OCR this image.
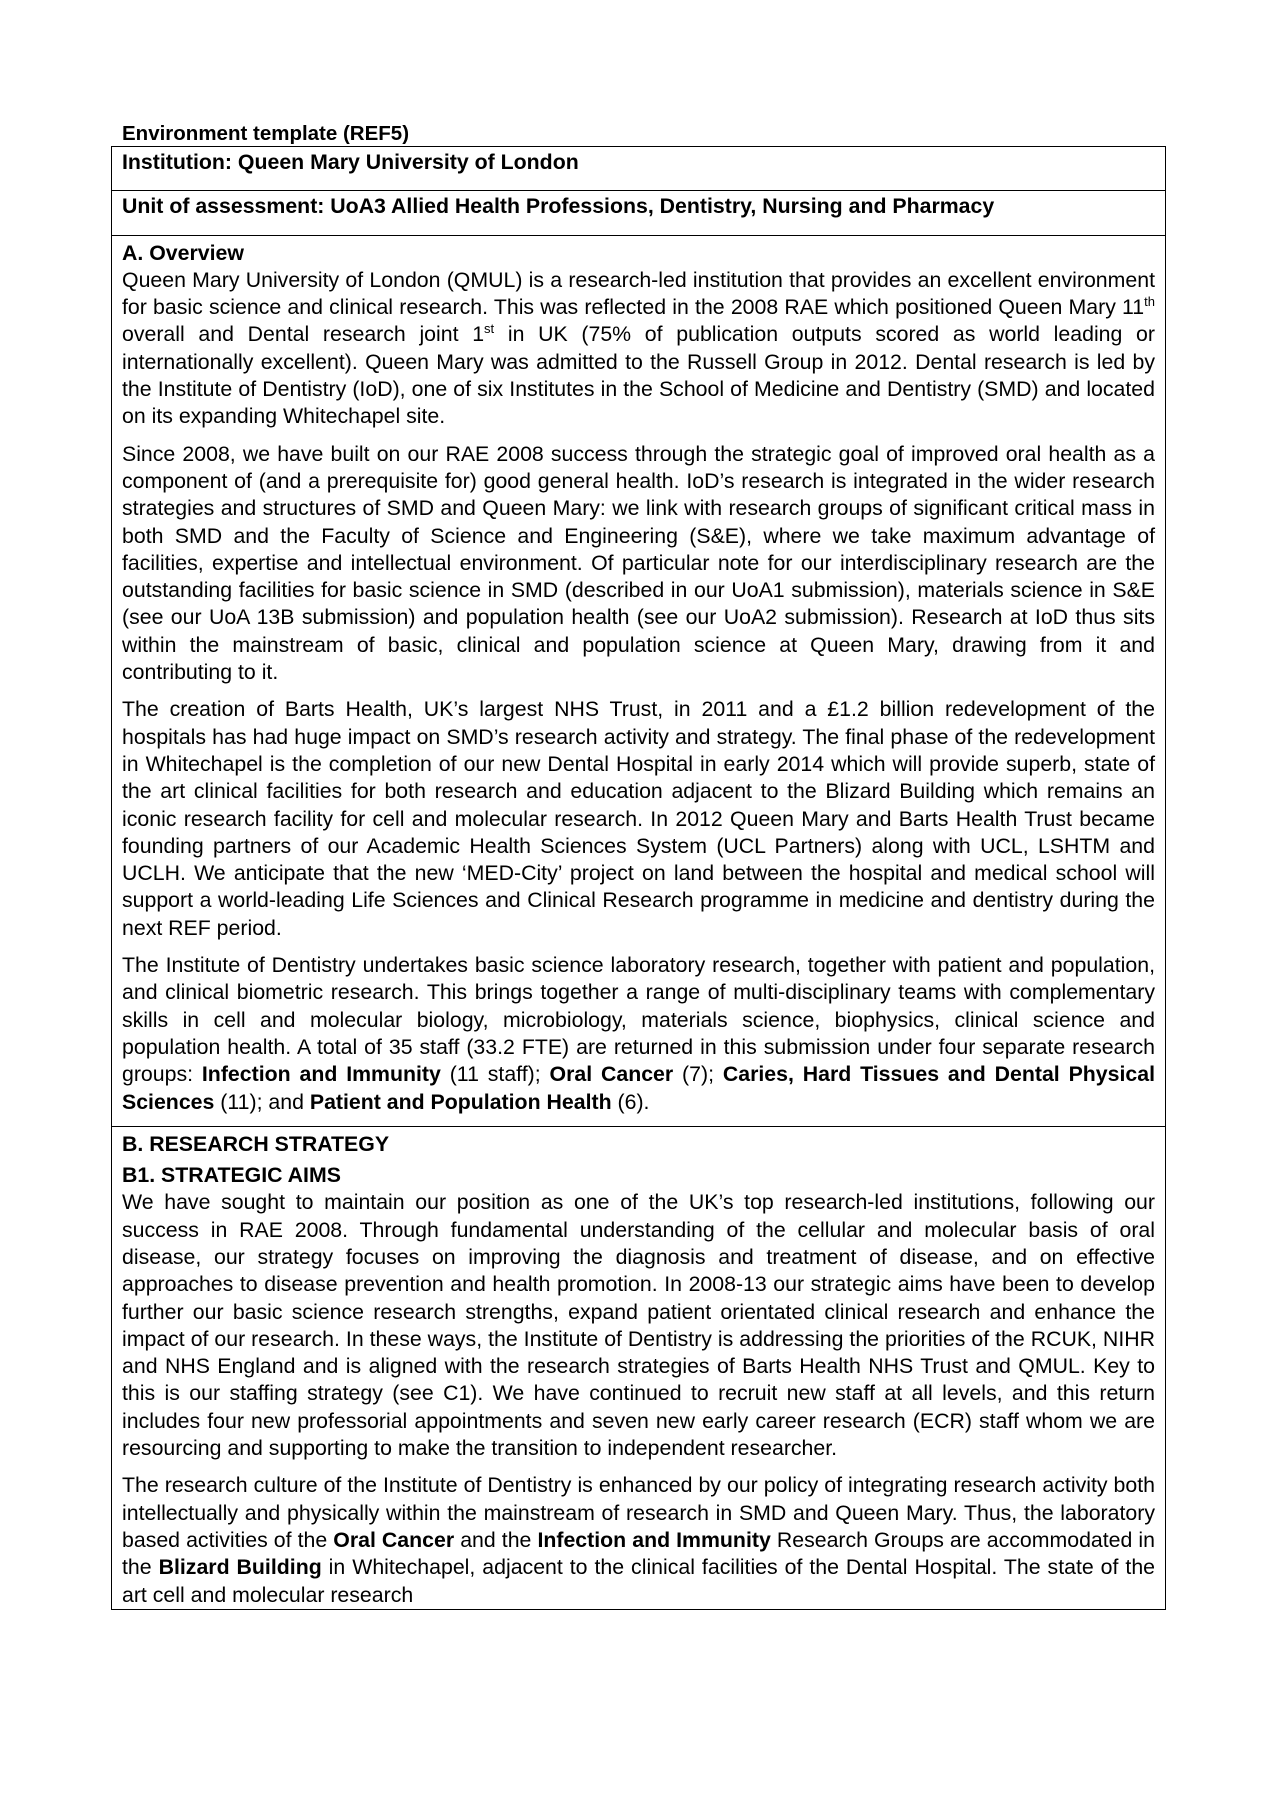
Environment template (REF5)
Institution: Queen Mary University of London
Unit of assessment: UoA3 Allied Health Professions, Dentistry, Nursing and Pharmacy
A. Overview

Queen Mary University of London (QMUL) is a research-led institution that provides an excellent environment for basic science and clinical research. This was reflected in the 2008 RAE which positioned Queen Mary 11th overall and Dental research joint 1st in UK (75% of publication outputs scored as world leading or internationally excellent). Queen Mary was admitted to the Russell Group in 2012. Dental research is led by the Institute of Dentistry (IoD), one of six Institutes in the School of Medicine and Dentistry (SMD) and located on its expanding Whitechapel site.

Since 2008, we have built on our RAE 2008 success through the strategic goal of improved oral health as a component of (and a prerequisite for) good general health. IoD’s research is integrated in the wider research strategies and structures of SMD and Queen Mary: we link with research groups of significant critical mass in both SMD and the Faculty of Science and Engineering (S&E), where we take maximum advantage of facilities, expertise and intellectual environment. Of particular note for our interdisciplinary research are the outstanding facilities for basic science in SMD (described in our UoA1 submission), materials science in S&E (see our UoA 13B submission) and population health (see our UoA2 submission). Research at IoD thus sits within the mainstream of basic, clinical and population science at Queen Mary, drawing from it and contributing to it.

The creation of Barts Health, UK’s largest NHS Trust, in 2011 and a £1.2 billion redevelopment of the hospitals has had huge impact on SMD’s research activity and strategy. The final phase of the redevelopment in Whitechapel is the completion of our new Dental Hospital in early 2014 which will provide superb, state of the art clinical facilities for both research and education adjacent to the Blizard Building which remains an iconic research facility for cell and molecular research. In 2012 Queen Mary and Barts Health Trust became founding partners of our Academic Health Sciences System (UCL Partners) along with UCL, LSHTM and UCLH. We anticipate that the new ‘MED-City’ project on land between the hospital and medical school will support a world-leading Life Sciences and Clinical Research programme in medicine and dentistry during the next REF period.

The Institute of Dentistry undertakes basic science laboratory research, together with patient and population, and clinical biometric research. This brings together a range of multi-disciplinary teams with complementary skills in cell and molecular biology, microbiology, materials science, biophysics, clinical science and population health. A total of 35 staff (33.2 FTE) are returned in this submission under four separate research groups: Infection and Immunity (11 staff); Oral Cancer (7); Caries, Hard Tissues and Dental Physical Sciences (11); and Patient and Population Health (6).

B. RESEARCH STRATEGY
B1. STRATEGIC AIMS

We have sought to maintain our position as one of the UK’s top research-led institutions, following our success in RAE 2008. Through fundamental understanding of the cellular and molecular basis of oral disease, our strategy focuses on improving the diagnosis and treatment of disease, and on effective approaches to disease prevention and health promotion. In 2008-13 our strategic aims have been to develop further our basic science research strengths, expand patient orientated clinical research and enhance the impact of our research. In these ways, the Institute of Dentistry is addressing the priorities of the RCUK, NIHR and NHS England and is aligned with the research strategies of Barts Health NHS Trust and QMUL. Key to this is our staffing strategy (see C1). We have continued to recruit new staff at all levels, and this return includes four new professorial appointments and seven new early career research (ECR) staff whom we are resourcing and supporting to make the transition to independent researcher.

The research culture of the Institute of Dentistry is enhanced by our policy of integrating research activity both intellectually and physically within the mainstream of research in SMD and Queen Mary. Thus, the laboratory based activities of the Oral Cancer and the Infection and Immunity Research Groups are accommodated in the Blizard Building in Whitechapel, adjacent to the clinical facilities of the Dental Hospital. The state of the art cell and molecular research
